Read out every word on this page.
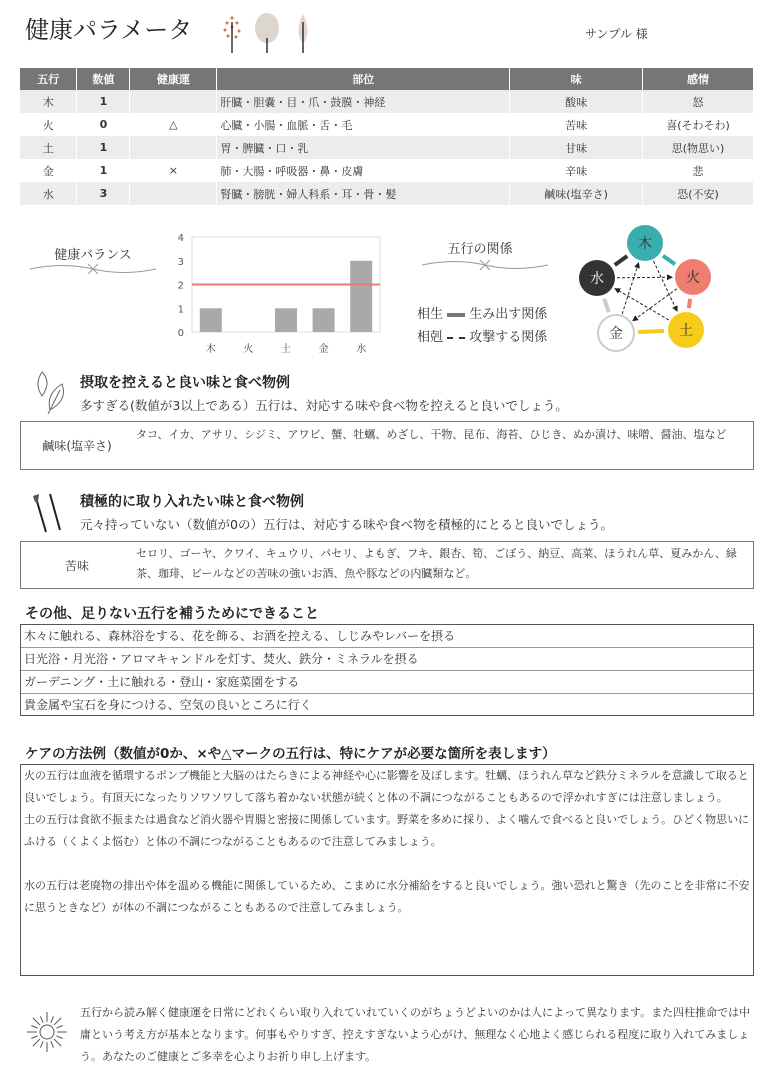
健康パラメータ	サンプル 様
五行	数値	健康運	部位	味	感情
木	1		肝臓・胆嚢・目・爪・鼓膜・神経	酸味	怒
火	0	△	心臓・小腸・血脈・舌・毛	苦味	喜(そわそわ)
土	1		胃・脾臓・口・乳	甘味	思(物思い)
金	1	×	肺・大腸・呼吸器・鼻・皮膚	辛味	悲
水	3		腎臓・膀胱・婦人科系・耳・骨・髪	鹹味(塩辛さ)	恐(不安)
健康バランス
0
1
2
3
4
木	火	土	金	水
五行の関係
相生 生み出す関係
相剋 攻撃する関係
木
火
土
金
水
摂取を控えると良い味と食べ物例
多すぎる(数値が3以上である）五行は、対応する味や食べ物を控えると良いでしょう。
鹹味(塩辛さ)
タコ、イカ、アサリ、シジミ、アワビ、蟹、牡蠣、めざし、干物、昆布、海苔、ひじき、ぬか漬け、味噌、醤油、塩など
積極的に取り入れたい味と食べ物例
元々持っていない（数値が0の）五行は、対応する味や食べ物を積極的にとると良いでしょう。
苦味
セロリ、ゴーヤ、クワイ、キュウリ、パセリ、よもぎ、フキ、銀杏、筍、ごぼう、納豆、高菜、ほうれん草、夏みかん、緑茶、珈琲、ビールなどの苦味の強いお酒、魚や豚などの内臓類など。
その他、足りない五行を補うためにできること
木々に触れる、森林浴をする、花を飾る、お酒を控える、しじみやレバーを摂る
日光浴・月光浴・アロマキャンドルを灯す、焚火、鉄分・ミネラルを摂る
ガーデニング・土に触れる・登山・家庭菜園をする
貴金属や宝石を身につける、空気の良いところに行く
ケアの方法例（数値が0か、×や△マークの五行は、特にケアが必要な箇所を表します）

火の五行は血液を循環するポンプ機能と大脳のはたらきによる神経や心に影響を及ぼします。牡蠣、ほうれん草など鉄分ミネラルを意識して取ると良いでしょう。有頂天になったりソワソワして落ち着かない状態が続くと体の不調につながることもあるので浮かれすぎには注意しましょう。

土の五行は食欲不振または過食など消火器や胃腸と密接に関係しています。野菜を多めに採り、よく噛んで食べると良いでしょう。ひどく物思いにふける（くよくよ悩む）と体の不調につながることもあるので注意してみましょう。

水の五行は老廃物の排出や体を温める機能に関係しているため、こまめに水分補給をすると良いでしょう。強い恐れと驚き（先のことを非常に不安に思うときなど）が体の不調につながることもあるので注意してみましょう。

五行から読み解く健康運を日常にどれくらい取り入れていれていくのがちょうどよいのかは人によって異なります。また四柱推命では中庸という考え方が基本となります。何事もやりすぎ、控えすぎないよう心がけ、無理なく心地よく感じられる程度に取り入れてみましょう。あなたのご健康とご多幸を心よりお祈り申し上げます。
